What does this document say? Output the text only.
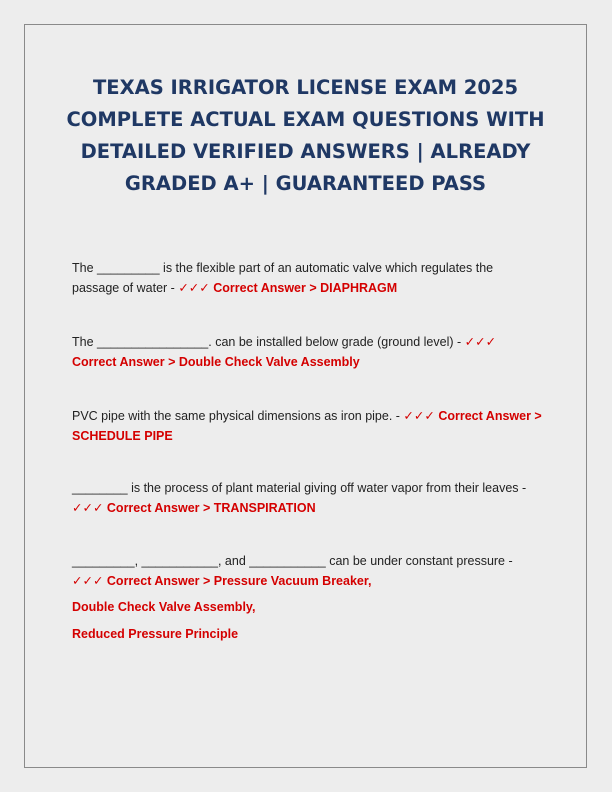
TEXAS IRRIGATOR LICENSE EXAM 2025
COMPLETE ACTUAL EXAM QUESTIONS WITH
DETAILED VERIFIED ANSWERS | ALREADY
GRADED A+ | GUARANTEED PASS

The _________ is the flexible part of an automatic valve which regulates the passage of water - ✓✓✓ Correct Answer > DIAPHRAGM

The ________________. can be installed below grade (ground level) - ✓✓✓ Correct Answer > Double Check Valve Assembly

PVC pipe with the same physical dimensions as iron pipe. - ✓✓✓ Correct Answer > SCHEDULE PIPE

________ is the process of plant material giving off water vapor from their leaves - ✓✓✓ Correct Answer > TRANSPIRATION

_________, ___________, and ___________ can be under constant pressure - ✓✓✓ Correct Answer > Pressure Vacuum Breaker,
Double Check Valve Assembly,
Reduced Pressure Principle
